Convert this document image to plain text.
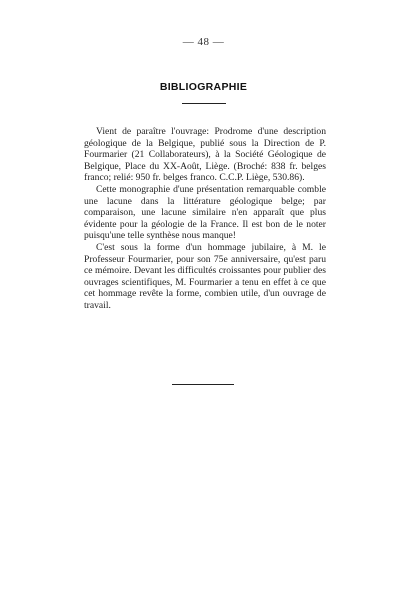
— 48 —
BIBLIOGRAPHIE

Vient de paraître l'ouvrage: Prodrome d'une description géologique de la Belgique, publié sous la Direction de P. Fourmarier (21 Collaborateurs), à la Société Géologique de Belgique, Place du XX-Août, Liège. (Broché: 838 fr. belges franco; relié: 950 fr. belges franco. C.C.P. Liège, 530.86).

Cette monographie d'une présentation remarquable comble une lacune dans la littérature géologique belge; par comparaison, une lacune similaire n'en apparaît que plus évidente pour la géologie de la France. Il est bon de le noter puisqu'une telle synthèse nous manque!

C'est sous la forme d'un hommage jubilaire, à M. le Professeur Fourmarier, pour son 75e anniversaire, qu'est paru ce mémoire. Devant les difficultés croissantes pour publier des ouvrages scientifiques, M. Fourmarier a tenu en effet à ce que cet hommage revête la forme, combien utile, d'un ouvrage de travail.
